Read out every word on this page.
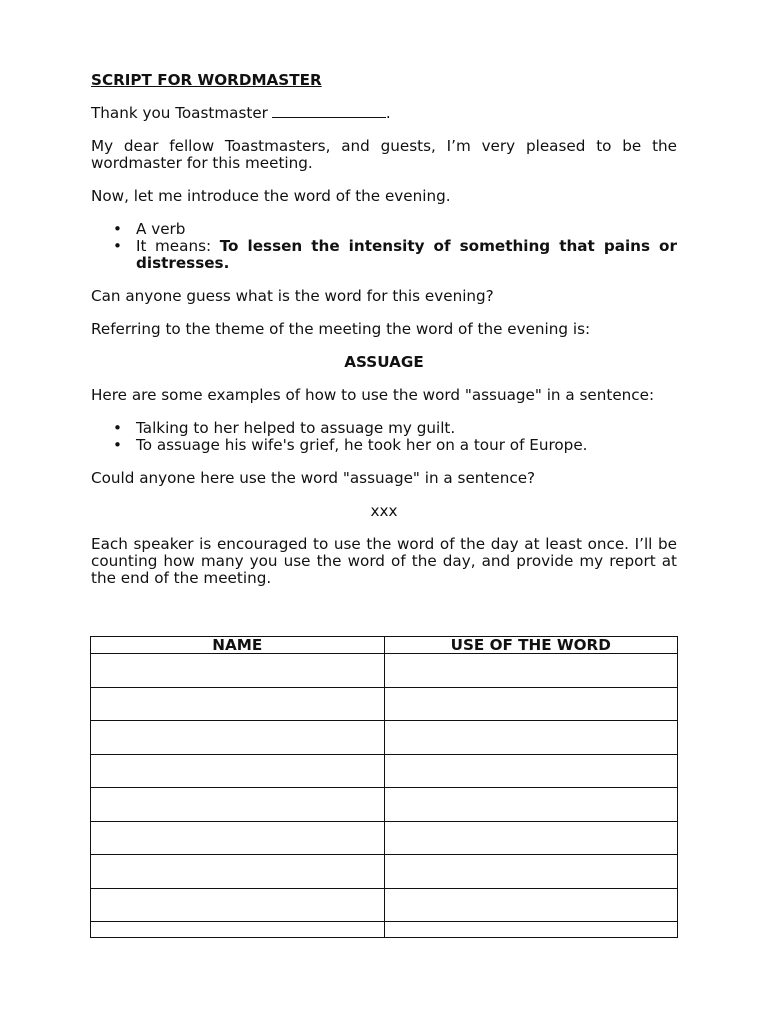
SCRIPT FOR WORDMASTER

Thank you Toastmaster	.

My dear fellow Toastmasters, and guests, I’m very pleased to be the wordmaster for this meeting.

Now, let me introduce the word of the evening.

• A verb
• It means: To lessen the intensity of something that pains or distresses.

Can anyone guess what is the word for this evening?

Referring to the theme of the meeting the word of the evening is:

ASSUAGE

Here are some examples of how to use the word "assuage" in a sentence:

• Talking to her helped to assuage my guilt.
• To assuage his wife's grief, he took her on a tour of Europe.

Could anyone here use the word "assuage" in a sentence?

xxx

Each speaker is encouraged to use the word of the day at least once. I’ll be counting how many you use the word of the day, and provide my report at the end of the meeting.

NAME	USE OF THE WORD
